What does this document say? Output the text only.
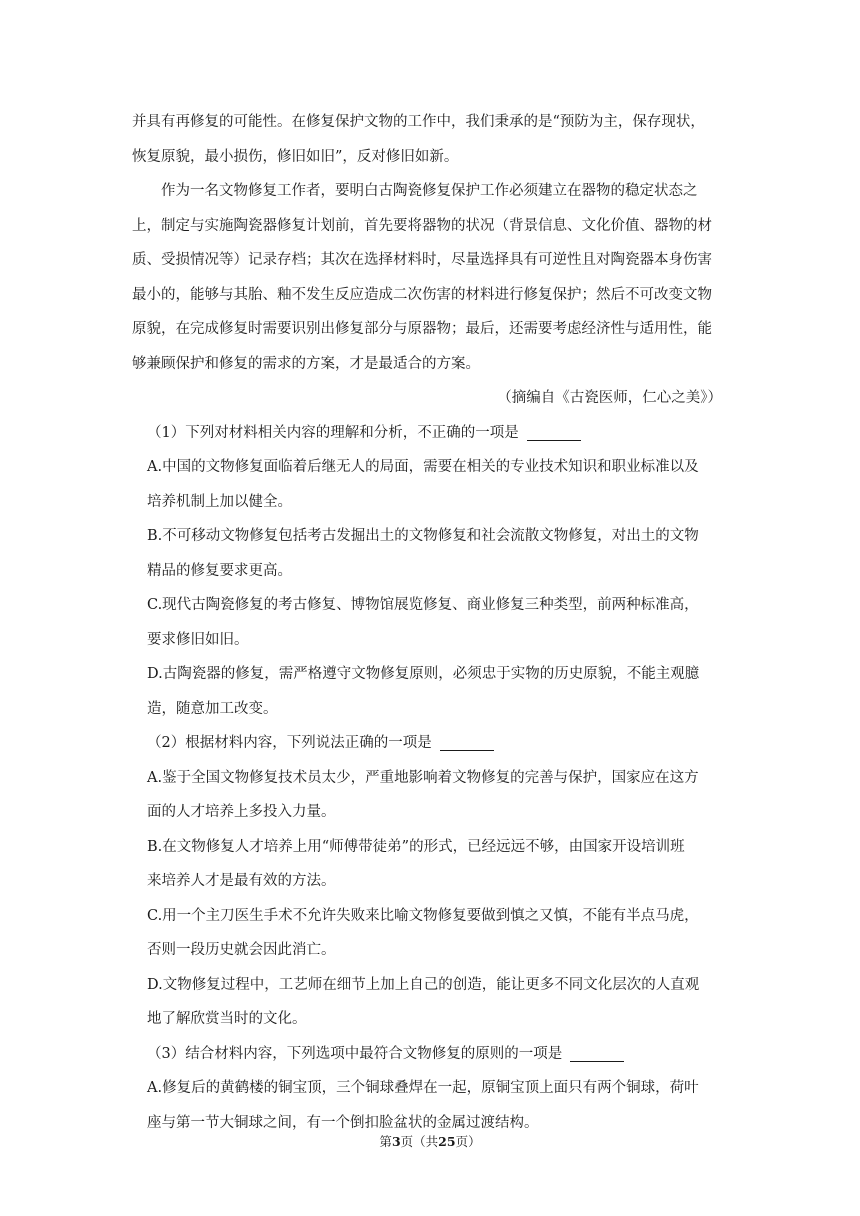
并具有再修复的可能性。在修复保护文物的工作中，我们秉承的是“预防为主，保存现状，
恢复原貌，最小损伤，修旧如旧”，反对修旧如新。
作为一名文物修复工作者，要明白古陶瓷修复保护工作必须建立在器物的稳定状态之
上，制定与实施陶瓷器修复计划前，首先要将器物的状况（背景信息、文化价值、器物的材
质、受损情况等）记录存档；其次在选择材料时，尽量选择具有可逆性且对陶瓷器本身伤害
最小的，能够与其胎、釉不发生反应造成二次伤害的材料进行修复保护；然后不可改变文物
原貌，在完成修复时需要识别出修复部分与原器物；最后，还需要考虑经济性与适用性，能
够兼顾保护和修复的需求的方案，才是最适合的方案。
（摘编自《古瓷医师，仁心之美》）
（1）下列对材料相关内容的理解和分析，不正确的一项是
A.中国的文物修复面临着后继无人的局面，需要在相关的专业技术知识和职业标准以及
培养机制上加以健全。
B.不可移动文物修复包括考古发掘出土的文物修复和社会流散文物修复，对出土的文物
精品的修复要求更高。
C.现代古陶瓷修复的考古修复、博物馆展览修复、商业修复三种类型，前两种标准高，
要求修旧如旧。
D.古陶瓷器的修复，需严格遵守文物修复原则，必须忠于实物的历史原貌，不能主观臆
造，随意加工改变。
（2）根据材料内容，下列说法正确的一项是
A.鉴于全国文物修复技术员太少，严重地影响着文物修复的完善与保护，国家应在这方
面的人才培养上多投入力量。
B.在文物修复人才培养上用“师傅带徒弟”的形式，已经远远不够，由国家开设培训班
来培养人才是最有效的方法。
C.用一个主刀医生手术不允许失败来比喻文物修复要做到慎之又慎，不能有半点马虎，
否则一段历史就会因此消亡。
D.文物修复过程中，工艺师在细节上加上自己的创造，能让更多不同文化层次的人直观
地了解欣赏当时的文化。
（3）结合材料内容，下列选项中最符合文物修复的原则的一项是
A.修复后的黄鹤楼的铜宝顶，三个铜球叠焊在一起，原铜宝顶上面只有两个铜球，荷叶
座与第一节大铜球之间，有一个倒扣脸盆状的金属过渡结构。
第3页（共25页）
